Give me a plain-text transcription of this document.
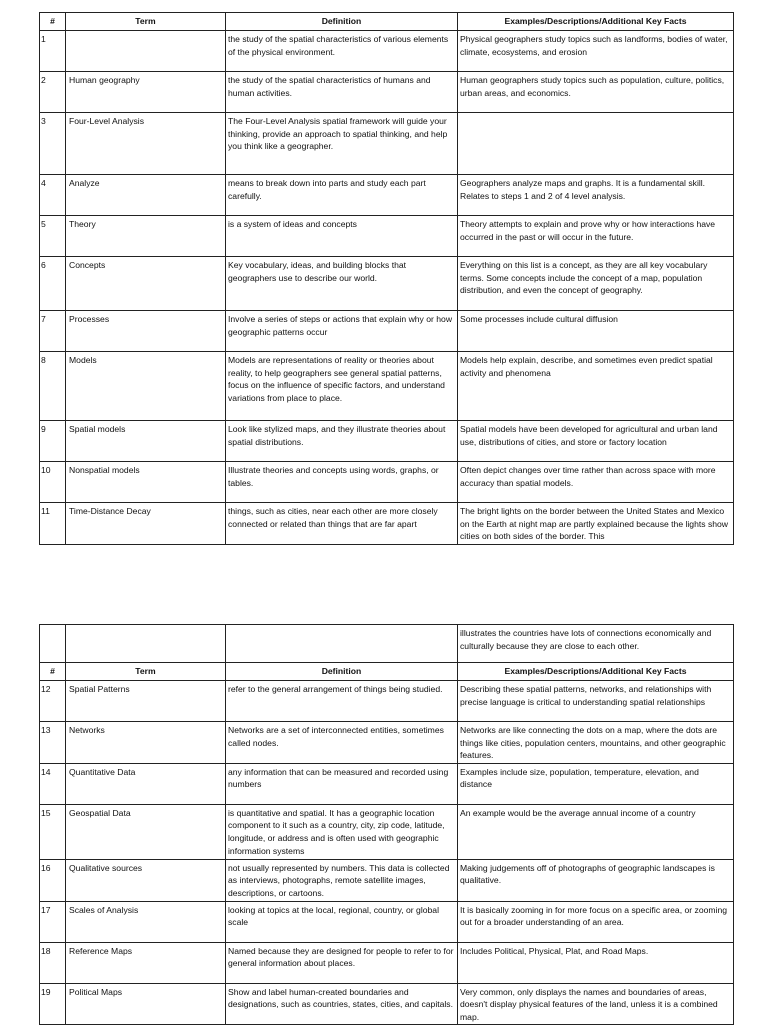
#	Term	Definition	Examples/Descriptions/Additional Key Facts
1		the study of the spatial characteristics of various elements of the physical environment.	Physical geographers study topics such as landforms, bodies of water, climate, ecosystems, and erosion
2	Human geography	the study of the spatial characteristics of humans and human activities.	Human geographers study topics such as population, culture, politics, urban areas, and economics.
3	Four-Level Analysis	The Four-Level Analysis spatial framework will guide your thinking, provide an approach to spatial thinking, and help you think like a geographer.	
4	Analyze	means to break down into parts and study each part carefully.	Geographers analyze maps and graphs. It is a fundamental skill. Relates to steps 1 and 2 of 4 level analysis.
5	Theory	is a system of ideas and concepts	Theory attempts to explain and prove why or how interactions have occurred in the past or will occur in the future.
6	Concepts	Key vocabulary, ideas, and building blocks that geographers use to describe our world.	Everything on this list is a concept, as they are all key vocabulary terms. Some concepts include the concept of a map, population distribution, and even the concept of geography.
7	Processes	Involve a series of steps or actions that explain why or how geographic patterns occur	Some processes include cultural diffusion
8	Models	Models are representations of reality or theories about reality, to help geographers see general spatial patterns, focus on the influence of specific factors, and understand variations from place to place.	Models help explain, describe, and sometimes even predict spatial activity and phenomena
9	Spatial models	Look like stylized maps, and they illustrate theories about spatial distributions.	Spatial models have been developed for agricultural and urban land use, distributions of cities, and store or factory location
10	Nonspatial models	Illustrate theories and concepts using words, graphs, or tables.	Often depict changes over time rather than across space with more accuracy than spatial models.
11	Time-Distance Decay	things, such as cities, near each other are more closely connected or related than things that are far apart	The bright lights on the border between the United States and Mexico on the Earth at night map are partly explained because the lights show cities on both sides of the border. This
			illustrates the countries have lots of connections economically and culturally because they are close to each other.
#	Term	Definition	Examples/Descriptions/Additional Key Facts
12	Spatial Patterns	refer to the general arrangement of things being studied.	Describing these spatial patterns, networks, and relationships with precise language is critical to understanding spatial relationships
13	Networks	Networks are a set of interconnected entities, sometimes called nodes.	Networks are like connecting the dots on a map, where the dots are things like cities, population centers, mountains, and other geographic features.
14	Quantitative Data	any information that can be measured and recorded using numbers	Examples include size, population, temperature, elevation, and distance
15	Geospatial Data	is quantitative and spatial. It has a geographic location component to it such as a country, city, zip code, latitude, longitude, or address and is often used with geographic information systems	An example would be the average annual income of a country
16	Qualitative sources	not usually represented by numbers. This data is collected as interviews, photographs, remote satellite images, descriptions, or cartoons.	Making judgements off of photographs of geographic landscapes is qualitative.
17	Scales of Analysis	looking at topics at the local, regional, country, or global scale	It is basically zooming in for more focus on a specific area, or zooming out for a broader understanding of an area.
18	Reference Maps	Named because they are designed for people to refer to for general information about places.	Includes Political, Physical, Plat, and Road Maps.
19	Political Maps	Show and label human-created boundaries and designations, such as countries, states, cities, and capitals.	Very common, only displays the names and boundaries of areas, doesn't display physical features of the land, unless it is a combined map.
